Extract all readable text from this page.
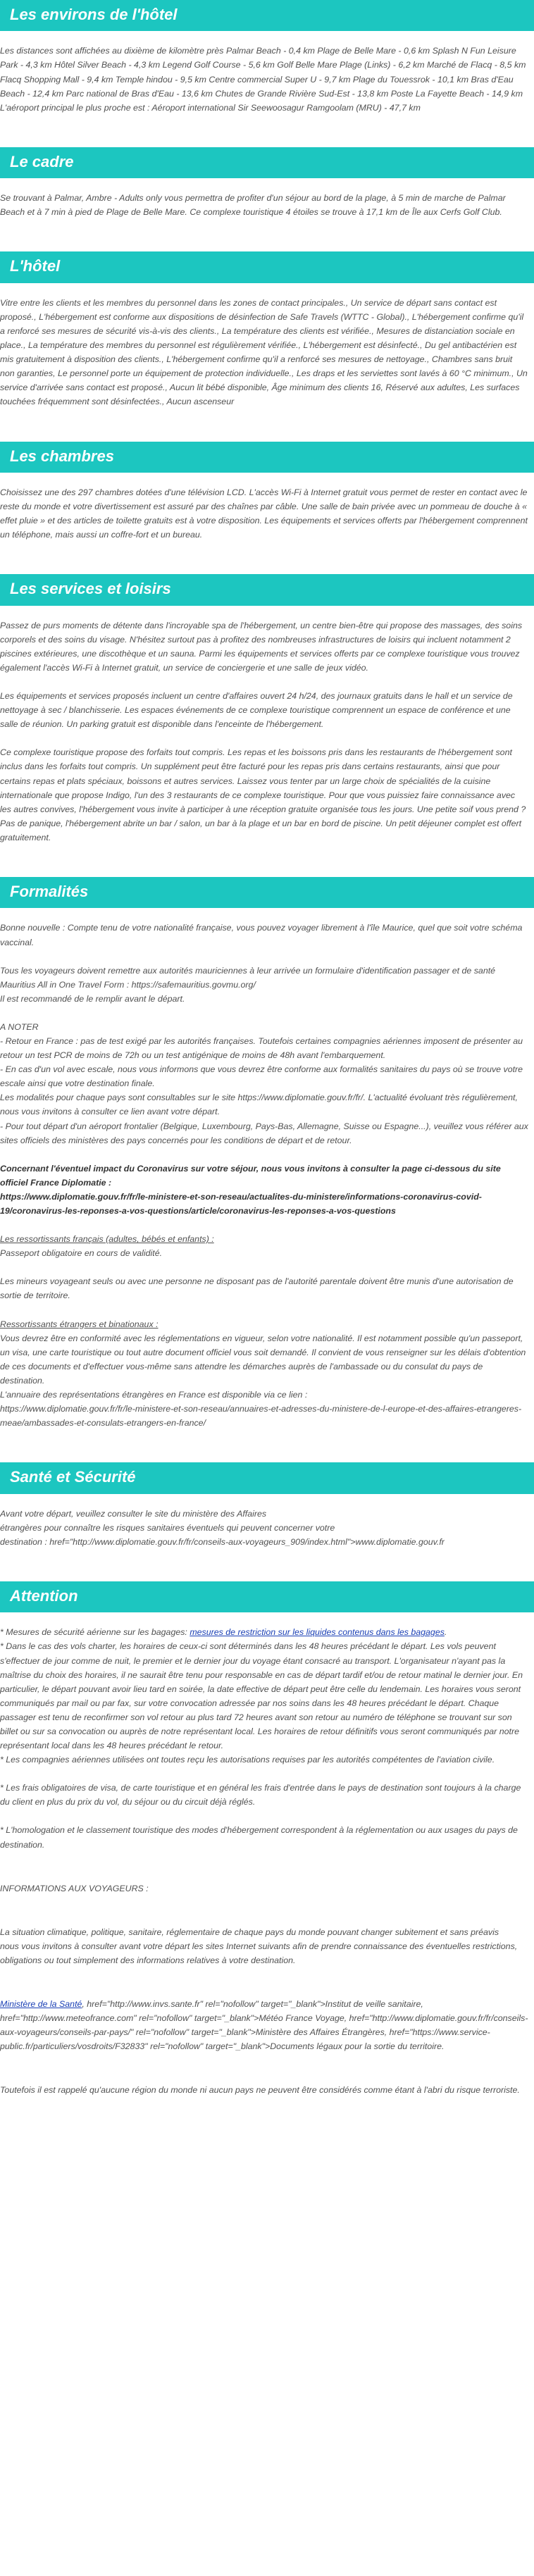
Les environs de l'hôtel

Les distances sont affichées au dixième de kilomètre près Palmar Beach - 0,4 km Plage de Belle Mare - 0,6 km Splash N Fun Leisure Park - 4,3 km Hôtel Silver Beach - 4,3 km Legend Golf Course - 5,6 km Golf Belle Mare Plage (Links) - 6,2 km Marché de Flacq - 8,5 km Flacq Shopping Mall - 9,4 km Temple hindou - 9,5 km Centre commercial Super U - 9,7 km Plage du Touessrok - 10,1 km Bras d'Eau Beach - 12,4 km Parc national de Bras d'Eau - 13,6 km Chutes de Grande Rivière Sud-Est - 13,8 km Poste La Fayette Beach - 14,9 km L'aéroport principal le plus proche est : Aéroport international Sir Seewoosagur Ramgoolam (MRU) - 47,7 km

Le cadre

Se trouvant à Palmar, Ambre - Adults only vous permettra de profiter d'un séjour au bord de la plage, à 5 min de marche de Palmar Beach et à 7 min à pied de Plage de Belle Mare. Ce complexe touristique 4 étoiles se trouve à 17,1 km de Île aux Cerfs Golf Club.

L'hôtel

Vitre entre les clients et les membres du personnel dans les zones de contact principales., Un service de départ sans contact est proposé., L'hébergement est conforme aux dispositions de désinfection de Safe Travels (WTTC - Global)., L'hébergement confirme qu'il a renforcé ses mesures de sécurité vis-à-vis des clients., La température des clients est vérifiée., Mesures de distanciation sociale en place., La température des membres du personnel est régulièrement vérifiée., L'hébergement est désinfecté., Du gel antibactérien est mis gratuitement à disposition des clients., L'hébergement confirme qu'il a renforcé ses mesures de nettoyage., Chambres sans bruit non garanties, Le personnel porte un équipement de protection individuelle., Les draps et les serviettes sont lavés à 60 °C minimum., Un service d'arrivée sans contact est proposé., Aucun lit bébé disponible, Âge minimum des clients 16, Réservé aux adultes, Les surfaces touchées fréquemment sont désinfectées., Aucun ascenseur

Les chambres

Choisissez une des 297 chambres dotées d'une télévision LCD. L'accès Wi-Fi à Internet gratuit vous permet de rester en contact avec le reste du monde et votre divertissement est assuré par des chaînes par câble. Une salle de bain privée avec un pommeau de douche à « effet pluie » et des articles de toilette gratuits est à votre disposition. Les équipements et services offerts par l'hébergement comprennent un téléphone, mais aussi un coffre-fort et un bureau.

Les services et loisirs

Passez de purs moments de détente dans l'incroyable spa de l'hébergement, un centre bien-être qui propose des massages, des soins corporels et des soins du visage. N'hésitez surtout pas à profitez des nombreuses infrastructures de loisirs qui incluent notamment 2 piscines extérieures, une discothèque et un sauna. Parmi les équipements et services offerts par ce complexe touristique vous trouvez également l'accès Wi-Fi à Internet gratuit, un service de conciergerie et une salle de jeux vidéo.

Les équipements et services proposés incluent un centre d'affaires ouvert 24 h/24, des journaux gratuits dans le hall et un service de nettoyage à sec / blanchisserie. Les espaces événements de ce complexe touristique comprennent un espace de conférence et une salle de réunion. Un parking gratuit est disponible dans l'enceinte de l'hébergement.

Ce complexe touristique propose des forfaits tout compris. Les repas et les boissons pris dans les restaurants de l'hébergement sont inclus dans les forfaits tout compris. Un supplément peut être facturé pour les repas pris dans certains restaurants, ainsi que pour certains repas et plats spéciaux, boissons et autres services. Laissez vous tenter par un large choix de spécialités de la cuisine internationale que propose Indigo, l'un des 3 restaurants de ce complexe touristique. Pour que vous puissiez faire connaissance avec les autres convives, l'hébergement vous invite à participer à une réception gratuite organisée tous les jours. Une petite soif vous prend ? Pas de panique, l'hébergement abrite un bar / salon, un bar à la plage et un bar en bord de piscine. Un petit déjeuner complet est offert gratuitement.

Formalités

Bonne nouvelle : Compte tenu de votre nationalité française, vous pouvez voyager librement à l'île Maurice, quel que soit votre schéma vaccinal.

Tous les voyageurs doivent remettre aux autorités mauriciennes à leur arrivée un formulaire d'identification passager et de santé Mauritius All in One Travel Form : https://safemauritius.govmu.org/
Il est recommandé de le remplir avant le départ.

A NOTER
- Retour en France : pas de test exigé par les autorités françaises. Toutefois certaines compagnies aériennes imposent de présenter au retour un test PCR de moins de 72h ou un test antigénique de moins de 48h avant l'embarquement.
- En cas d'un vol avec escale, nous vous informons que vous devrez être conforme aux formalités sanitaires du pays où se trouve votre escale ainsi que votre destination finale.
Les modalités pour chaque pays sont consultables sur le site https://www.diplomatie.gouv.fr/fr/. L'actualité évoluant très régulièrement, nous vous invitons à consulter ce lien avant votre départ.
- Pour tout départ d'un aéroport frontalier (Belgique, Luxembourg, Pays-Bas, Allemagne, Suisse ou Espagne...), veuillez vous référer aux sites officiels des ministères des pays concernés pour les conditions de départ et de retour.

Concernant l'éventuel impact du Coronavirus sur votre séjour, nous vous invitons à consulter la page ci-dessous du site officiel France Diplomatie :
https://www.diplomatie.gouv.fr/fr/le-ministere-et-son-reseau/actualites-du-ministere/informations-coronavirus-covid-19/coronavirus-les-reponses-a-vos-questions/article/coronavirus-les-reponses-a-vos-questions

Les ressortissants français (adultes, bébés et enfants) :
Passeport obligatoire en cours de validité.

Les mineurs voyageant seuls ou avec une personne ne disposant pas de l'autorité parentale doivent être munis d'une autorisation de sortie de territoire.

Ressortissants étrangers et binationaux :
Vous devrez être en conformité avec les réglementations en vigueur, selon votre nationalité. Il est notamment possible qu'un passeport, un visa, une carte touristique ou tout autre document officiel vous soit demandé. Il convient de vous renseigner sur les délais d'obtention de ces documents et d'effectuer vous-même sans attendre les démarches auprès de l'ambassade ou du consulat du pays de destination.
L'annuaire des représentations étrangères en France est disponible via ce lien :
https://www.diplomatie.gouv.fr/fr/le-ministere-et-son-reseau/annuaires-et-adresses-du-ministere-de-l-europe-et-des-affaires-etrangeres-meae/ambassades-et-consulats-etrangers-en-france/

Santé et Sécurité

Avant votre départ, veuillez consulter le site du ministère des Affaires
étrangères pour connaître les risques sanitaires éventuels qui peuvent concerner votre
destination : href="http://www.diplomatie.gouv.fr/fr/conseils-aux-voyageurs_909/index.html">www.diplomatie.gouv.fr

Attention

* Mesures de sécurité aérienne sur les bagages: mesures de restriction sur les liquides contenus dans les bagages.
* Dans le cas des vols charter, les horaires de ceux-ci sont déterminés dans les 48 heures précédant le départ. Les vols peuvent s'effectuer de jour comme de nuit, le premier et le dernier jour du voyage étant consacré au transport. L'organisateur n'ayant pas la maîtrise du choix des horaires, il ne saurait être tenu pour responsable en cas de départ tardif et/ou de retour matinal le dernier jour. En particulier, le départ pouvant avoir lieu tard en soirée, la date effective de départ peut être celle du lendemain. Les horaires vous seront communiqués par mail ou par fax, sur votre convocation adressée par nos soins dans les 48 heures précédant le départ. Chaque passager est tenu de reconfirmer son vol retour au plus tard 72 heures avant son retour au numéro de téléphone se trouvant sur son billet ou sur sa convocation ou auprès de notre représentant local. Les horaires de retour définitifs vous seront communiqués par notre représentant local dans les 48 heures précédant le retour.
* Les compagnies aériennes utilisées ont toutes reçu les autorisations requises par les autorités compétentes de l'aviation civile.

* Les frais obligatoires de visa, de carte touristique et en général les frais d'entrée dans le pays de destination sont toujours à la charge du client en plus du prix du vol, du séjour ou du circuit déjà réglés.

* L'homologation et le classement touristique des modes d'hébergement correspondent à la réglementation ou aux usages du pays de destination.

INFORMATIONS AUX VOYAGEURS :

La situation climatique, politique, sanitaire, réglementaire de chaque pays du monde pouvant changer subitement et sans préavis
nous vous invitons à consulter avant votre départ les sites Internet suivants afin de prendre connaissance des éventuelles restrictions, obligations ou tout simplement des informations relatives à votre destination.

Ministère de la Santé, href="http://www.invs.sante.fr" rel="nofollow" target="_blank">Institut de veille sanitaire, href="http://www.meteofrance.com" rel="nofollow" target="_blank">Météo France Voyage, href="http://www.diplomatie.gouv.fr/fr/conseils-aux-voyageurs/conseils-par-pays/" rel="nofollow" target="_blank">Ministère des Affaires Étrangères, href="https://www.service-public.fr/particuliers/vosdroits/F32833" rel="nofollow" target="_blank">Documents légaux pour la sortie du territoire.

Toutefois il est rappelé qu'aucune région du monde ni aucun pays ne peuvent être considérés comme étant à l'abri du risque terroriste.
